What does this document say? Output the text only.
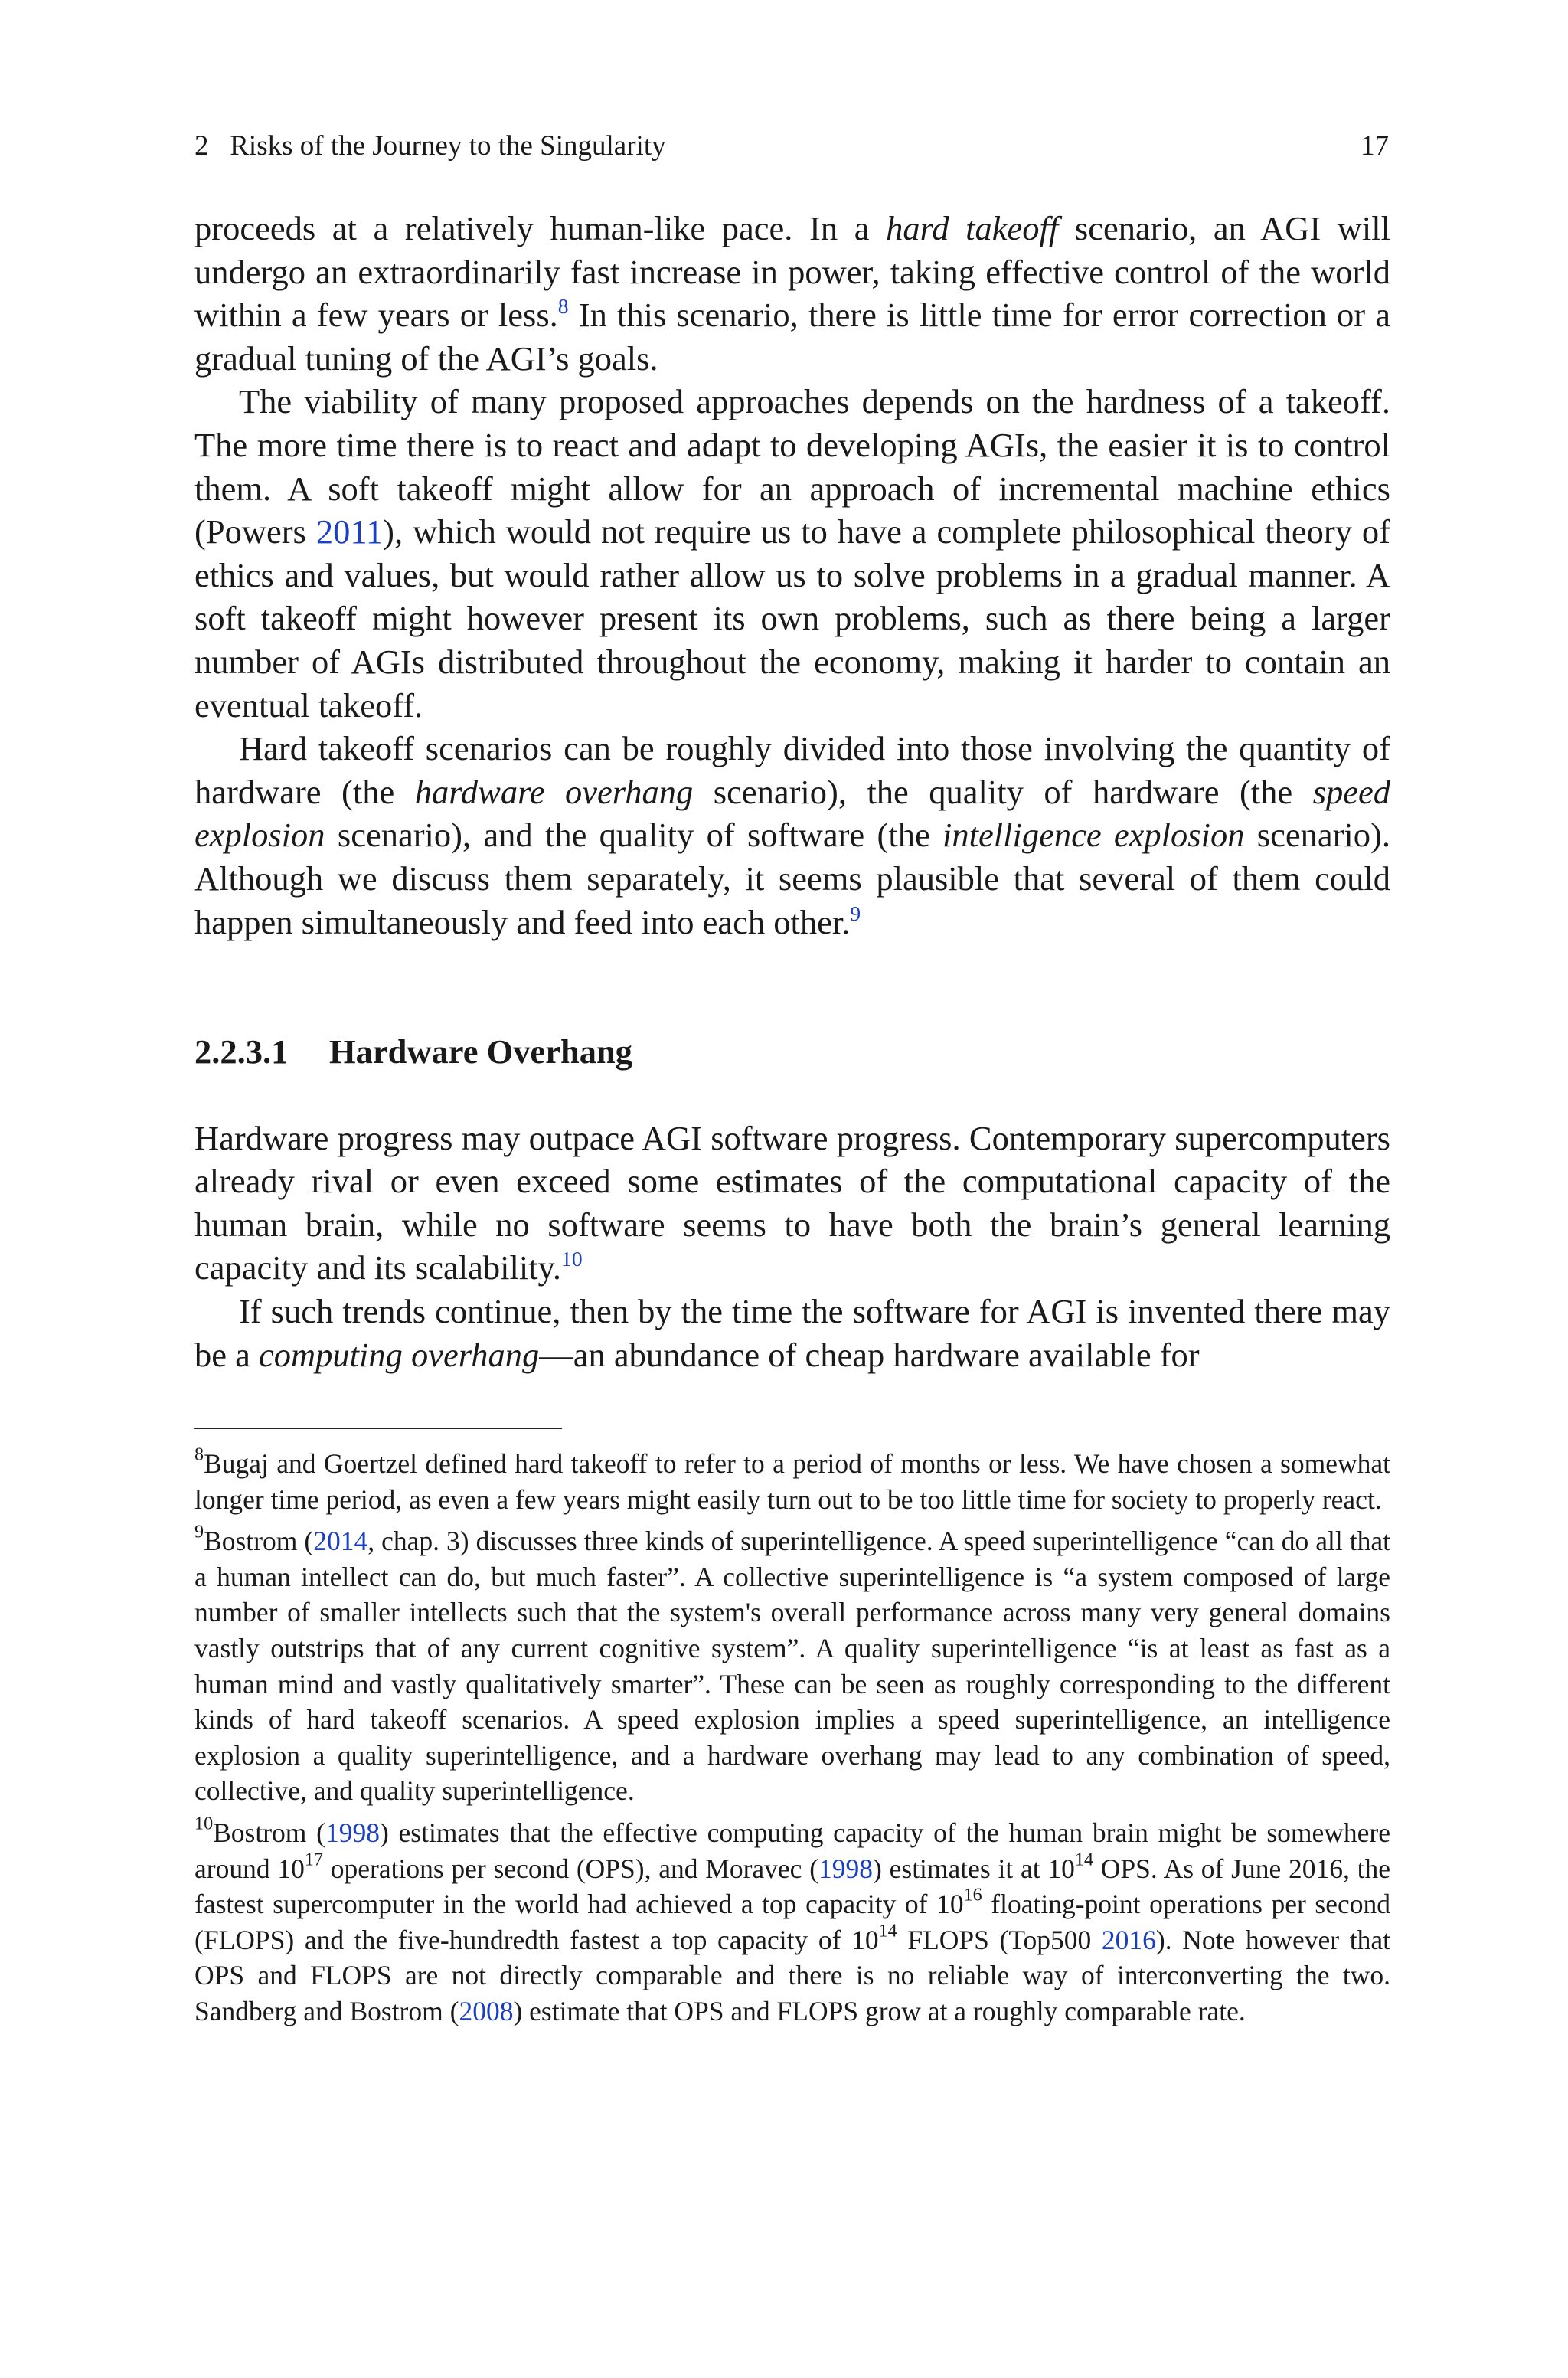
2 Risks of the Journey to the Singularity	17

proceeds at a relatively human-like pace. In a hard takeoff scenario, an AGI will undergo an extraordinarily fast increase in power, taking effective control of the world within a few years or less.$^8$ In this scenario, there is little time for error correction or a gradual tuning of the AGI’s goals.

The viability of many proposed approaches depends on the hardness of a takeoff. The more time there is to react and adapt to developing AGIs, the easier it is to control them. A soft takeoff might allow for an approach of incremental machine ethics (Powers 2011), which would not require us to have a complete philosophical theory of ethics and values, but would rather allow us to solve problems in a gradual manner. A soft takeoff might however present its own problems, such as there being a larger number of AGIs distributed throughout the economy, making it harder to contain an eventual takeoff.

Hard takeoff scenarios can be roughly divided into those involving the quantity of hardware (the hardware overhang scenario), the quality of hardware (the speed explosion scenario), and the quality of software (the intelligence explosion scenario). Although we discuss them separately, it seems plausible that several of them could happen simultaneously and feed into each other.$^9$

2.2.3.1 Hardware Overhang

Hardware progress may outpace AGI software progress. Contemporary supercomputers already rival or even exceed some estimates of the computational capacity of the human brain, while no software seems to have both the brain’s general learning capacity and its scalability.$^{10}$

If such trends continue, then by the time the software for AGI is invented there may be a computing overhang—an abundance of cheap hardware available for

$^8$Bugaj and Goertzel defined hard takeoff to refer to a period of months or less. We have chosen a somewhat longer time period, as even a few years might easily turn out to be too little time for society to properly react.

$^9$Bostrom (2014, chap. 3) discusses three kinds of superintelligence. A speed superintelligence “can do all that a human intellect can do, but much faster”. A collective superintelligence is “a system composed of large number of smaller intellects such that the system's overall performance across many very general domains vastly outstrips that of any current cognitive system”. A quality superintelligence “is at least as fast as a human mind and vastly qualitatively smarter”. These can be seen as roughly corresponding to the different kinds of hard takeoff scenarios. A speed explosion implies a speed superintelligence, an intelligence explosion a quality superintelligence, and a hardware overhang may lead to any combination of speed, collective, and quality superintelligence.

$^{10}$Bostrom (1998) estimates that the effective computing capacity of the human brain might be somewhere around $10^{17}$ operations per second (OPS), and Moravec (1998) estimates it at $10^{14}$ OPS. As of June 2016, the fastest supercomputer in the world had achieved a top capacity of $10^{16}$ floating-point operations per second (FLOPS) and the five-hundredth fastest a top capacity of $10^{14}$ FLOPS (Top500 2016). Note however that OPS and FLOPS are not directly comparable and there is no reliable way of interconverting the two. Sandberg and Bostrom (2008) estimate that OPS and FLOPS grow at a roughly comparable rate.
